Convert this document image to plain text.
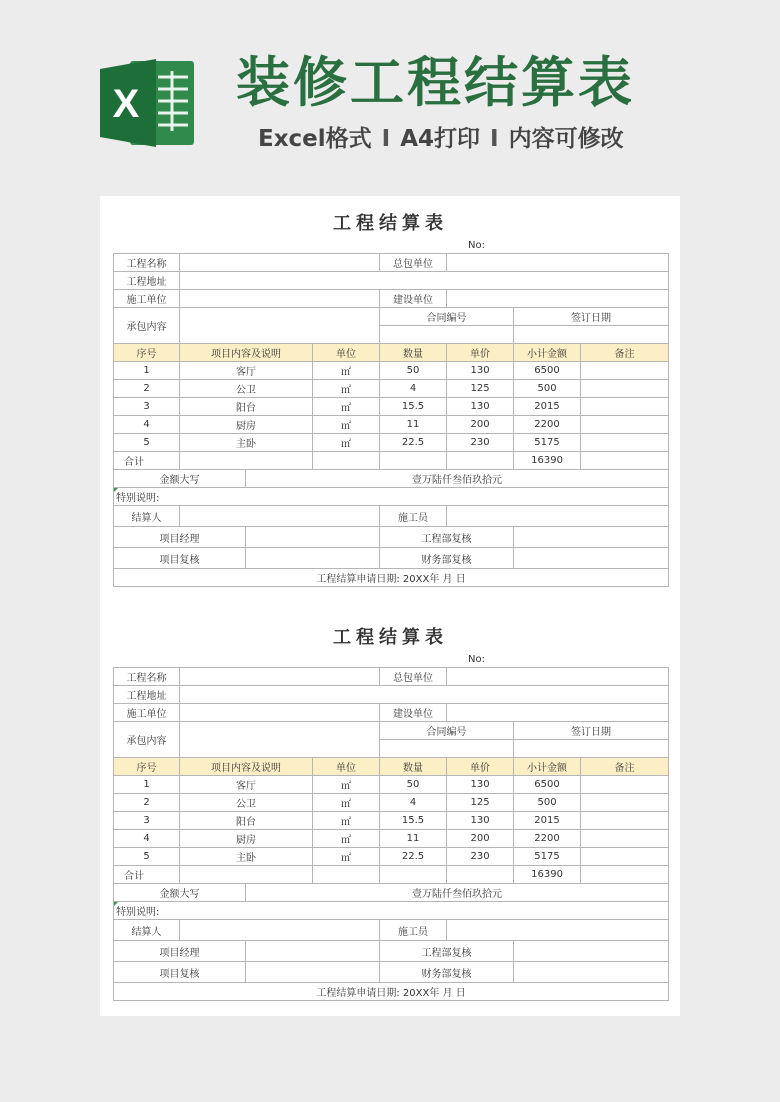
X 装修工程结算表
Excel格式 I A4打印 I 内容可修改
工程结算表
No:
工程名称				总包单位			
工程地址							
施工单位				建设单位			
承包内容				合同编号		签订日期	

序号	项目内容及说明		单位	数量	单价	小计金额	备注
1	客厅		㎡	50	130	6500	
2	公卫		㎡	4	125	500	
3	阳台		㎡	15.5	130	2015	
4	厨房		㎡	11	200	2200	
5	主卧		㎡	22.5	230	5175	
合计						16390	
金额大写		壹万陆仟叁佰玖拾元					
特别说明:							
结算人				施工员			
项目经理				工程部复核			
项目复核				财务部复核			
工程结算申请日期: 20XX年 月 日							
工程结算表
No:
工程名称				总包单位			
工程地址							
施工单位				建设单位			
承包内容				合同编号		签订日期	

序号	项目内容及说明		单位	数量	单价	小计金额	备注
1	客厅		㎡	50	130	6500	
2	公卫		㎡	4	125	500	
3	阳台		㎡	15.5	130	2015	
4	厨房		㎡	11	200	2200	
5	主卧		㎡	22.5	230	5175	
合计						16390	
金额大写		壹万陆仟叁佰玖拾元					
特别说明:							
结算人				施工员			
项目经理				工程部复核			
项目复核				财务部复核			
工程结算申请日期: 20XX年 月 日							
